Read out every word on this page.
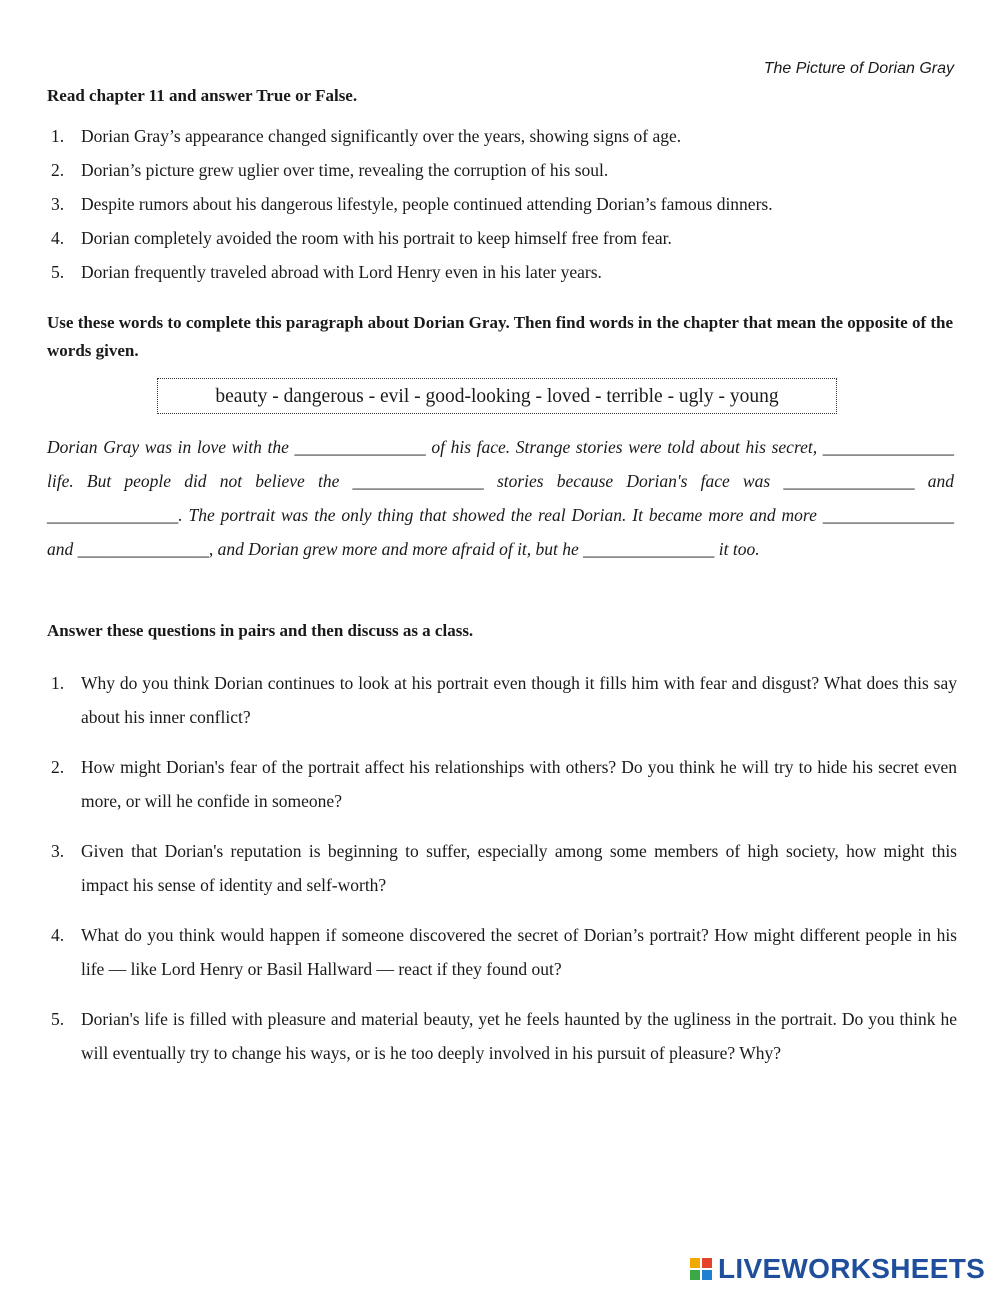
The Picture of Dorian Gray
Read chapter 11 and answer True or False.
1. Dorian Gray’s appearance changed significantly over the years, showing signs of age.
2. Dorian’s picture grew uglier over time, revealing the corruption of his soul.
3. Despite rumors about his dangerous lifestyle, people continued attending Dorian’s famous dinners.
4. Dorian completely avoided the room with his portrait to keep himself free from fear.
5. Dorian frequently traveled abroad with Lord Henry even in his later years.
Use these words to complete this paragraph about Dorian Gray. Then find words in the chapter that mean the opposite of the words given.
beauty - dangerous - evil - good-looking - loved - terrible - ugly - young
Dorian Gray was in love with the _______________ of his face. Strange stories were told about his secret, _______________ life. But people did not believe the _______________ stories because Dorian's face was _______________ and _______________. The portrait was the only thing that showed the real Dorian. It became more and more _______________ and _______________, and Dorian grew more and more afraid of it, but he _______________ it too.
Answer these questions in pairs and then discuss as a class.
1. Why do you think Dorian continues to look at his portrait even though it fills him with fear and disgust? What does this say about his inner conflict?
2. How might Dorian's fear of the portrait affect his relationships with others? Do you think he will try to hide his secret even more, or will he confide in someone?
3. Given that Dorian's reputation is beginning to suffer, especially among some members of high society, how might this impact his sense of identity and self-worth?
4. What do you think would happen if someone discovered the secret of Dorian’s portrait? How might different people in his life — like Lord Henry or Basil Hallward — react if they found out?
5. Dorian's life is filled with pleasure and material beauty, yet he feels haunted by the ugliness in the portrait. Do you think he will eventually try to change his ways, or is he too deeply involved in his pursuit of pleasure? Why?
LIVEWORKSHEETS
